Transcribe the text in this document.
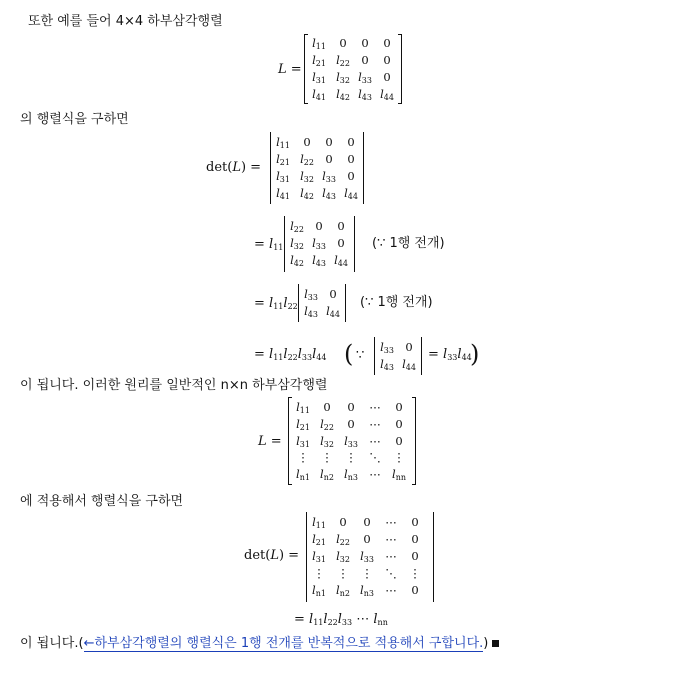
또한 예를 들어 4×4 하부삼각행렬
L =
$l_{11}$	0	0	0
$l_{21}$ $l_{22}$ 0	0
$l_{31}$ $l_{32}$ $l_{33}$ 0
$l_{41}$ $l_{42}$ $l_{43}$ $l_{44}$
의 행렬식을 구하면
det(L) =
$l_{11}$	0	0	0
$l_{21}$ $l_{22}$ 0	0
$l_{31}$ $l_{32}$ $l_{33}$ 0
$l_{41}$ $l_{42}$ $l_{43}$ $l_{44}$
= $l_{11}$
$l_{22}$ 0	0
$l_{32}$ $l_{33}$ 0
$l_{42}$ $l_{43}$ $l_{44}$
(∵ 1행 전개)
= $l_{11}l_{22}$
$l_{33}$ 0
$l_{43}$ $l_{44}$
(∵ 1행 전개)
= $l_{11}l_{22}l_{33}l_{44}$ ( ∵
$l_{33}$ 0
$l_{43}$ $l_{44}$
= $l_{33}l_{44}$
)
이 됩니다. 이러한 원리를 일반적인 n×n 하부삼각행렬
L =
$l_{11}$	0	0	⋯	0
$l_{21}$ $l_{22}$	0	⋯	0
$l_{31}$ $l_{32}$ $l_{33}$ ⋯	0
⋮	⋮	⋮	⋱	⋮
$l_{n1}$ $l_{n2}$ $l_{n3}$ ⋯ $l_{nn}$
에 적용해서 행렬식을 구하면
det(L) =
$l_{11}$	0	0	⋯	0
$l_{21}$ $l_{22}$	0	⋯	0
$l_{31}$ $l_{32}$ $l_{33}$ ⋯	0
⋮	⋮	⋮	⋱	⋮
$l_{n1}$ $l_{n2}$ $l_{n3}$ ⋯	0
= $l_{11}l_{22}l_{33}$ ⋯ $l_{nn}$
이 됩니다.(←하부삼각행렬의 행렬식은 1행 전개를 반복적으로 적용해서 구합니다.)
